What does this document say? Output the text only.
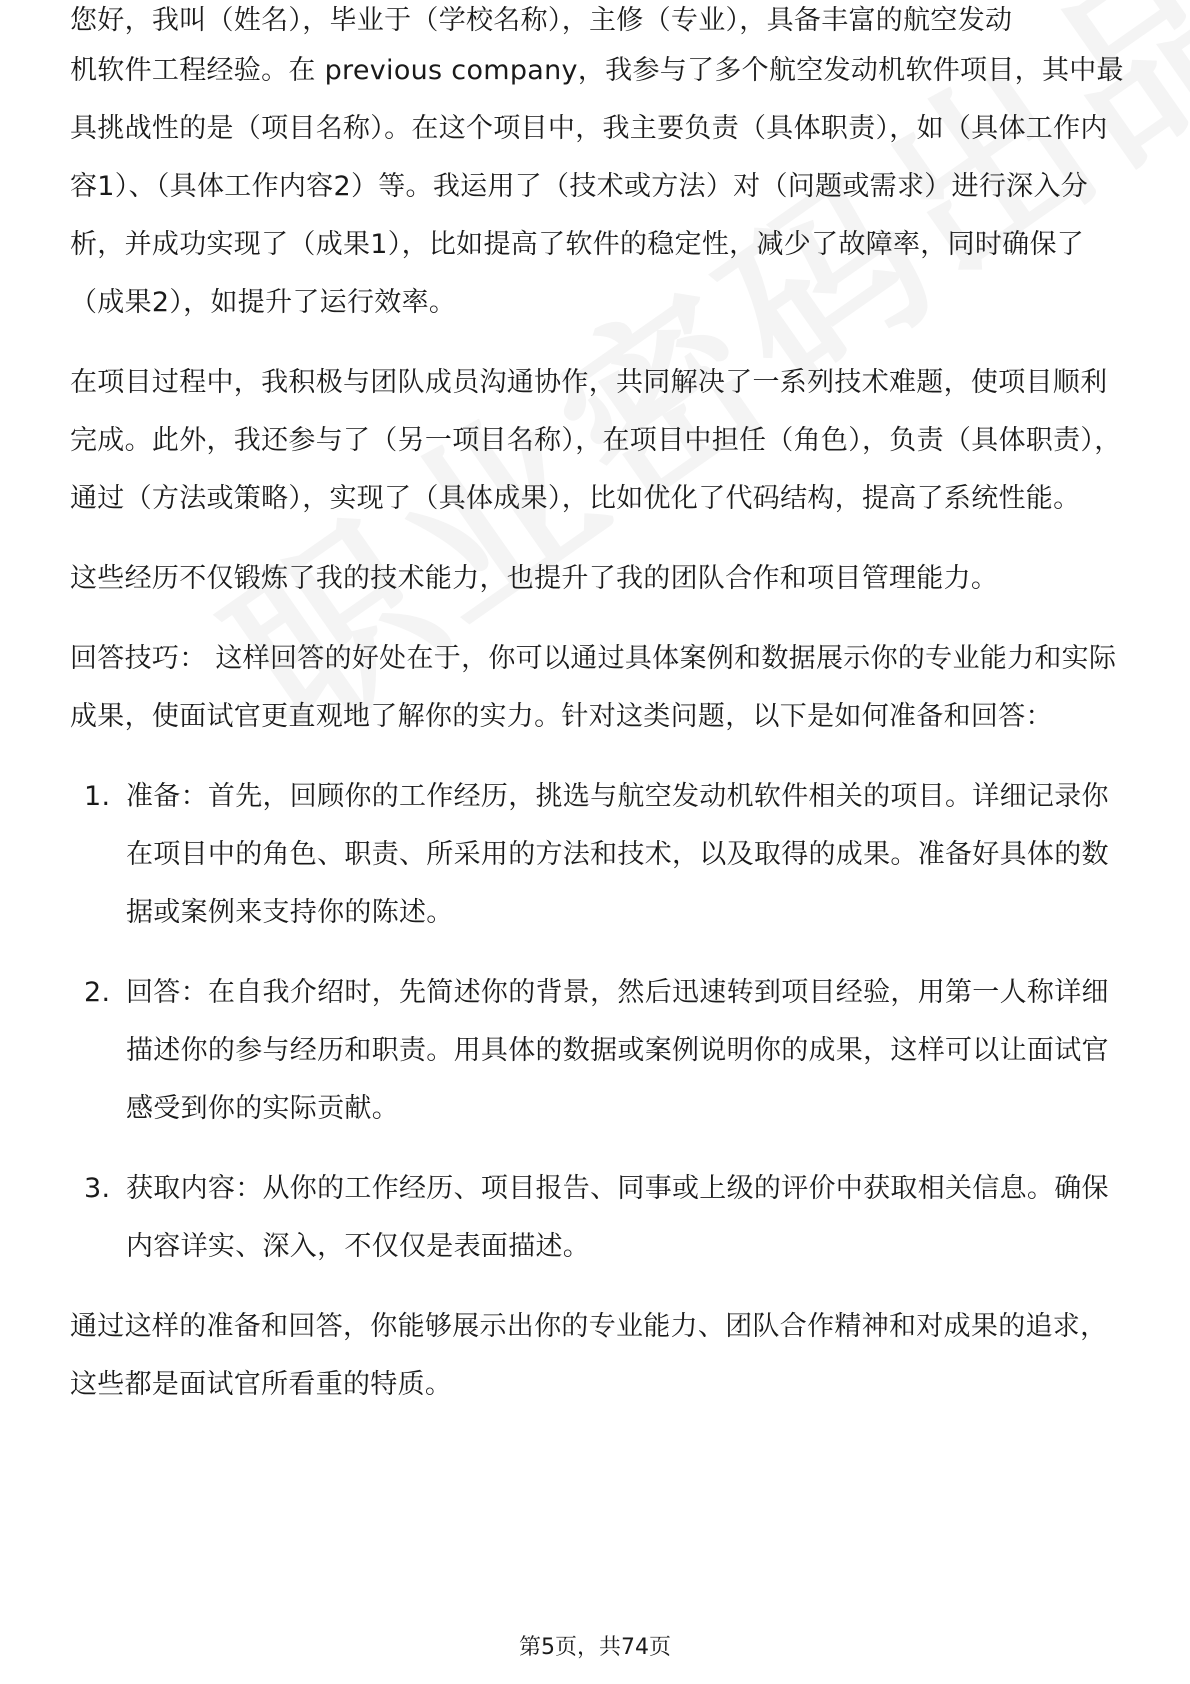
您好，我叫（姓名），毕业于（学校名称），主修（专业），具备丰富的航空发动

机软件工程经验。在 previous company，我参与了多个航空发动机软件项目，其中最具挑战性的是（项目名称）。在这个项目中，我主要负责（具体职责），如（具体工作内容1）、（具体工作内容2）等。我运用了（技术或方法）对（问题或需求）进行深入分析，并成功实现了（成果1），比如提高了软件的稳定性，减少了故障率，同时确保了（成果2），如提升了运行效率。

在项目过程中，我积极与团队成员沟通协作，共同解决了一系列技术难题，使项目顺利完成。此外，我还参与了（另一项目名称），在项目中担任（角色），负责（具体职责），通过（方法或策略），实现了（具体成果），比如优化了代码结构，提高了系统性能。

这些经历不仅锻炼了我的技术能力，也提升了我的团队合作和项目管理能力。

回答技巧： 这样回答的好处在于，你可以通过具体案例和数据展示你的专业能力和实际成果，使面试官更直观地了解你的实力。针对这类问题，以下是如何准备和回答：

1. 准备：首先，回顾你的工作经历，挑选与航空发动机软件相关的项目。详细记录你在项目中的角色、职责、所采用的方法和技术，以及取得的成果。准备好具体的数据或案例来支持你的陈述。
2. 回答：在自我介绍时，先简述你的背景，然后迅速转到项目经验，用第一人称详细描述你的参与经历和职责。用具体的数据或案例说明你的成果，这样可以让面试官感受到你的实际贡献。
3. 获取内容：从你的工作经历、项目报告、同事或上级的评价中获取相关信息。确保内容详实、深入，不仅仅是表面描述。

通过这样的准备和回答，你能够展示出你的专业能力、团队合作精神和对成果的追求，这些都是面试官所看重的特质。

第5页，共74页
